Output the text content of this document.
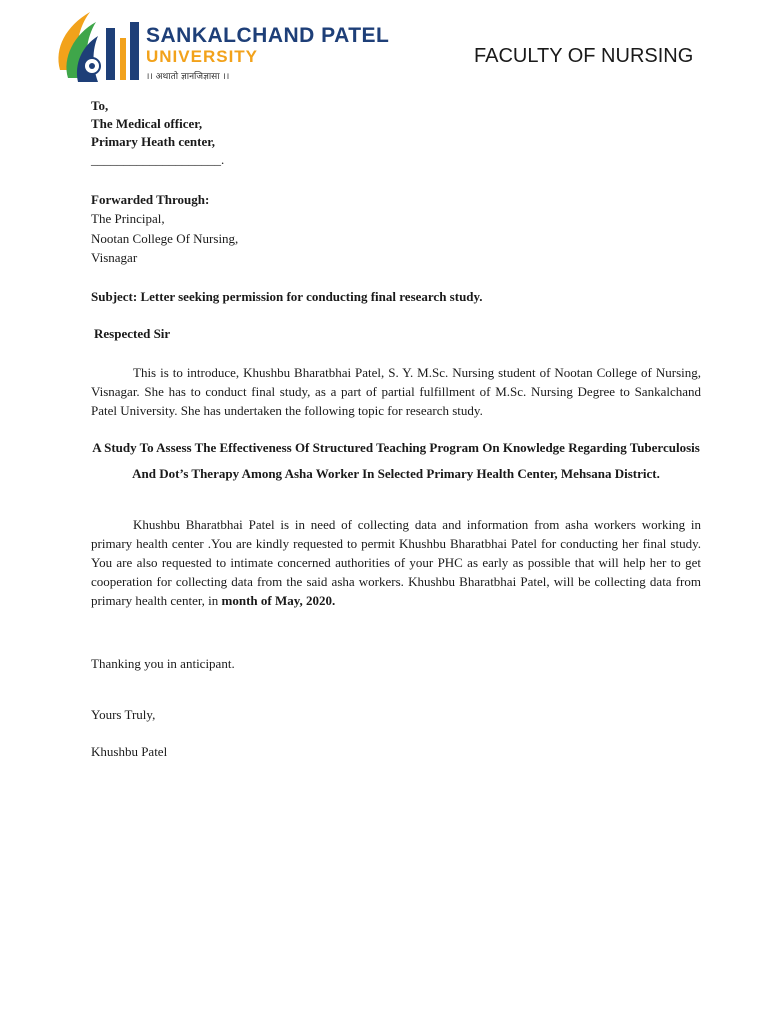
SANKALCHAND PATEL
UNIVERSITY
।। अथातो ज्ञानजिज्ञासा ।।
FACULTY OF NURSING
To,
The Medical officer,
Primary Heath center,
____________________.
Forwarded Through:
The Principal,
Nootan College Of Nursing,
Visnagar
Subject: Letter seeking permission for conducting final research study.
Respected Sir
This is to introduce, Khushbu Bharatbhai Patel, S. Y. M.Sc. Nursing student of Nootan College of Nursing, Visnagar. She has to conduct final study, as a part of partial fulfillment of M.Sc. Nursing Degree to Sankalchand Patel University. She has undertaken the following topic for research study.
A Study To Assess The Effectiveness Of Structured Teaching Program On Knowledge Regarding Tuberculosis And Dot’s Therapy Among Asha Worker In Selected Primary Health Center, Mehsana District.
Khushbu Bharatbhai Patel is in need of collecting data and information from asha workers working in primary health center .You are kindly requested to permit Khushbu Bharatbhai Patel for conducting her final study. You are also requested to intimate concerned authorities of your PHC as early as possible that will help her to get cooperation for collecting data from the said asha workers. Khushbu Bharatbhai Patel, will be collecting data from primary health center, in month of May, 2020.
Thanking you in anticipant.
Yours Truly,
Khushbu Patel
